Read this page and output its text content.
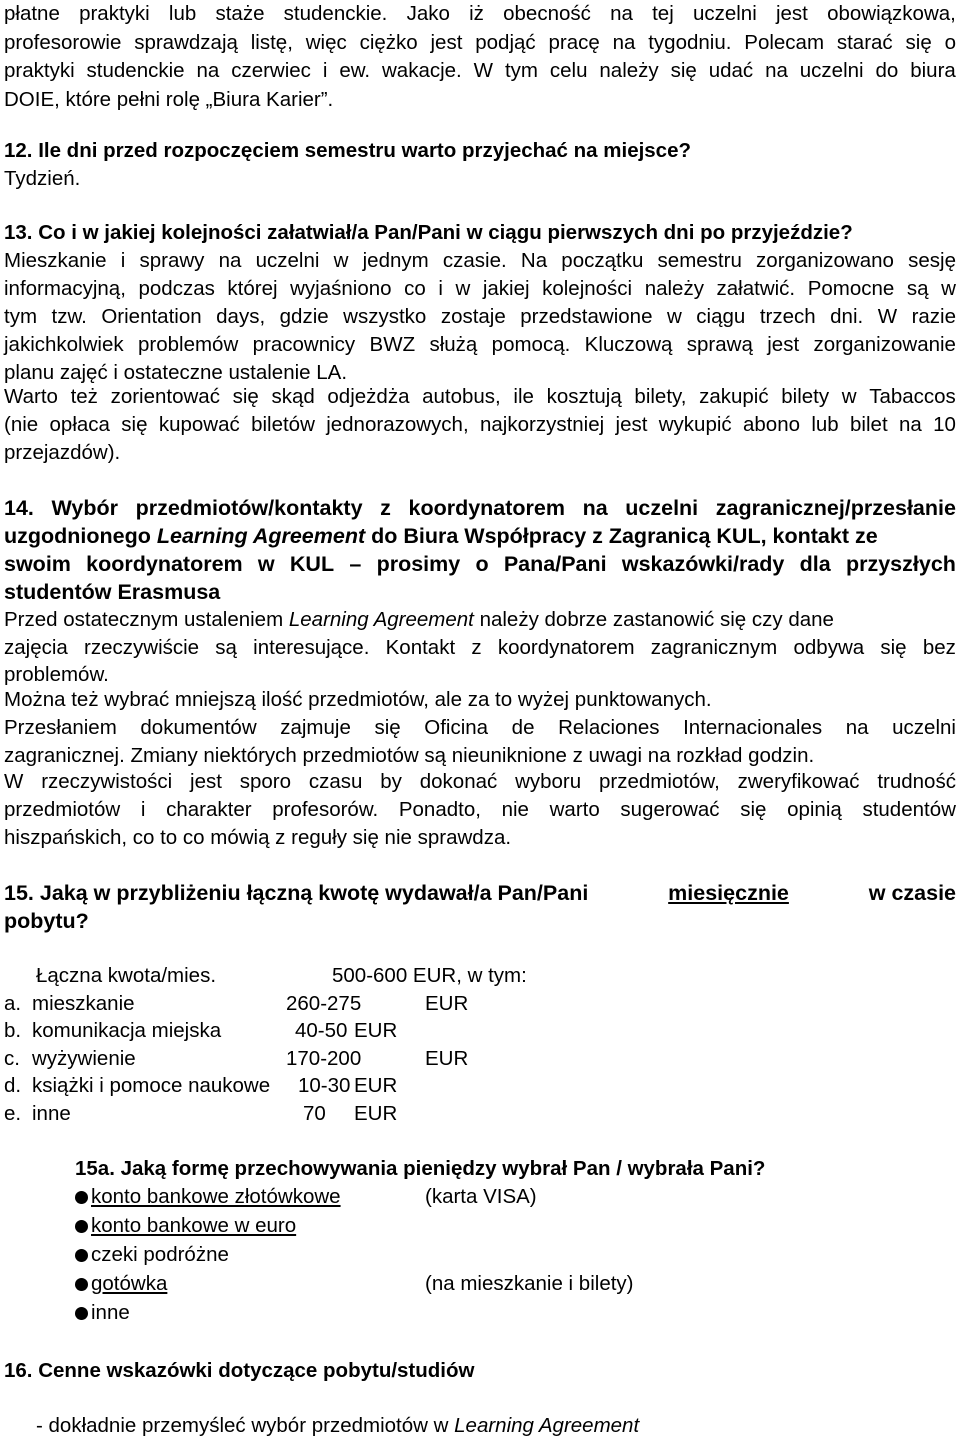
płatne praktyki lub staże studenckie. Jako iż obecność na tej uczelni jest obowiązkowa,
profesorowie sprawdzają listę, więc ciężko jest podjąć pracę na tygodniu. Polecam starać się o
praktyki studenckie na czerwiec i ew. wakacje. W tym celu należy się udać na uczelni do biura
DOIE, które pełni rolę „Biura Karier”.
12. Ile dni przed rozpoczęciem semestru warto przyjechać na miejsce?
Tydzień.
13. Co i w jakiej kolejności załatwiał/a Pan/Pani w ciągu pierwszych dni po przyjeździe?
Mieszkanie i sprawy na uczelni w jednym czasie. Na początku semestru zorganizowano sesję
informacyjną, podczas której wyjaśniono co i w jakiej kolejności należy załatwić. Pomocne są w
tym tzw. Orientation days, gdzie wszystko zostaje przedstawione w ciągu trzech dni. W razie
jakichkolwiek problemów pracownicy BWZ służą pomocą. Kluczową sprawą jest zorganizowanie
planu zajęć i ostateczne ustalenie LA.
Warto też zorientować się skąd odjeżdża autobus, ile kosztują bilety, zakupić bilety w Tabaccos
(nie opłaca się kupować biletów jednorazowych, najkorzystniej jest wykupić abono lub bilet na 10
przejazdów).
14. Wybór przedmiotów/kontakty z koordynatorem na uczelni zagranicznej/przesłanie
uzgodnionego Learning Agreement do Biura Współpracy z Zagranicą KUL, kontakt ze
swoim koordynatorem w KUL – prosimy o Pana/Pani wskazówki/rady dla przyszłych
studentów Erasmusa
Przed ostatecznym ustaleniem Learning Agreement należy dobrze zastanowić się czy dane
zajęcia rzeczywiście są interesujące. Kontakt z koordynatorem zagranicznym odbywa się bez
problemów.
Można też wybrać mniejszą ilość przedmiotów, ale za to wyżej punktowanych.
Przesłaniem dokumentów zajmuje się Oficina de Relaciones Internacionales na uczelni
zagranicznej. Zmiany niektórych przedmiotów są nieuniknione z uwagi na rozkład godzin.
W rzeczywistości jest sporo czasu by dokonać wyboru przedmiotów, zweryfikować trudność
przedmiotów i charakter profesorów. Ponadto, nie warto sugerować się opinią studentów
hiszpańskich, co to co mówią z reguły się nie sprawdza.
15. Jaką w przybliżeniu łączną kwotę wydawał/a Pan/Pani	miesięcznie	w czasie
pobytu?
Łączna kwota/mies.	500-600 EUR, w tym:
a. mieszkanie	260-275	EUR
b. komunikacja miejska	40-50 EUR
c. wyżywienie	170-200	EUR
d. książki i pomoce naukowe 10-30 EUR
e. inne	70 EUR
15a. Jaką formę przechowywania pieniędzy wybrał Pan / wybrała Pani?
konto bankowe złotówkowe	(karta VISA)
konto bankowe w euro
czeki podróżne
gotówka	(na mieszkanie i bilety)
inne
16. Cenne wskazówki dotyczące pobytu/studiów
- dokładnie przemyśleć wybór przedmiotów w Learning Agreement
